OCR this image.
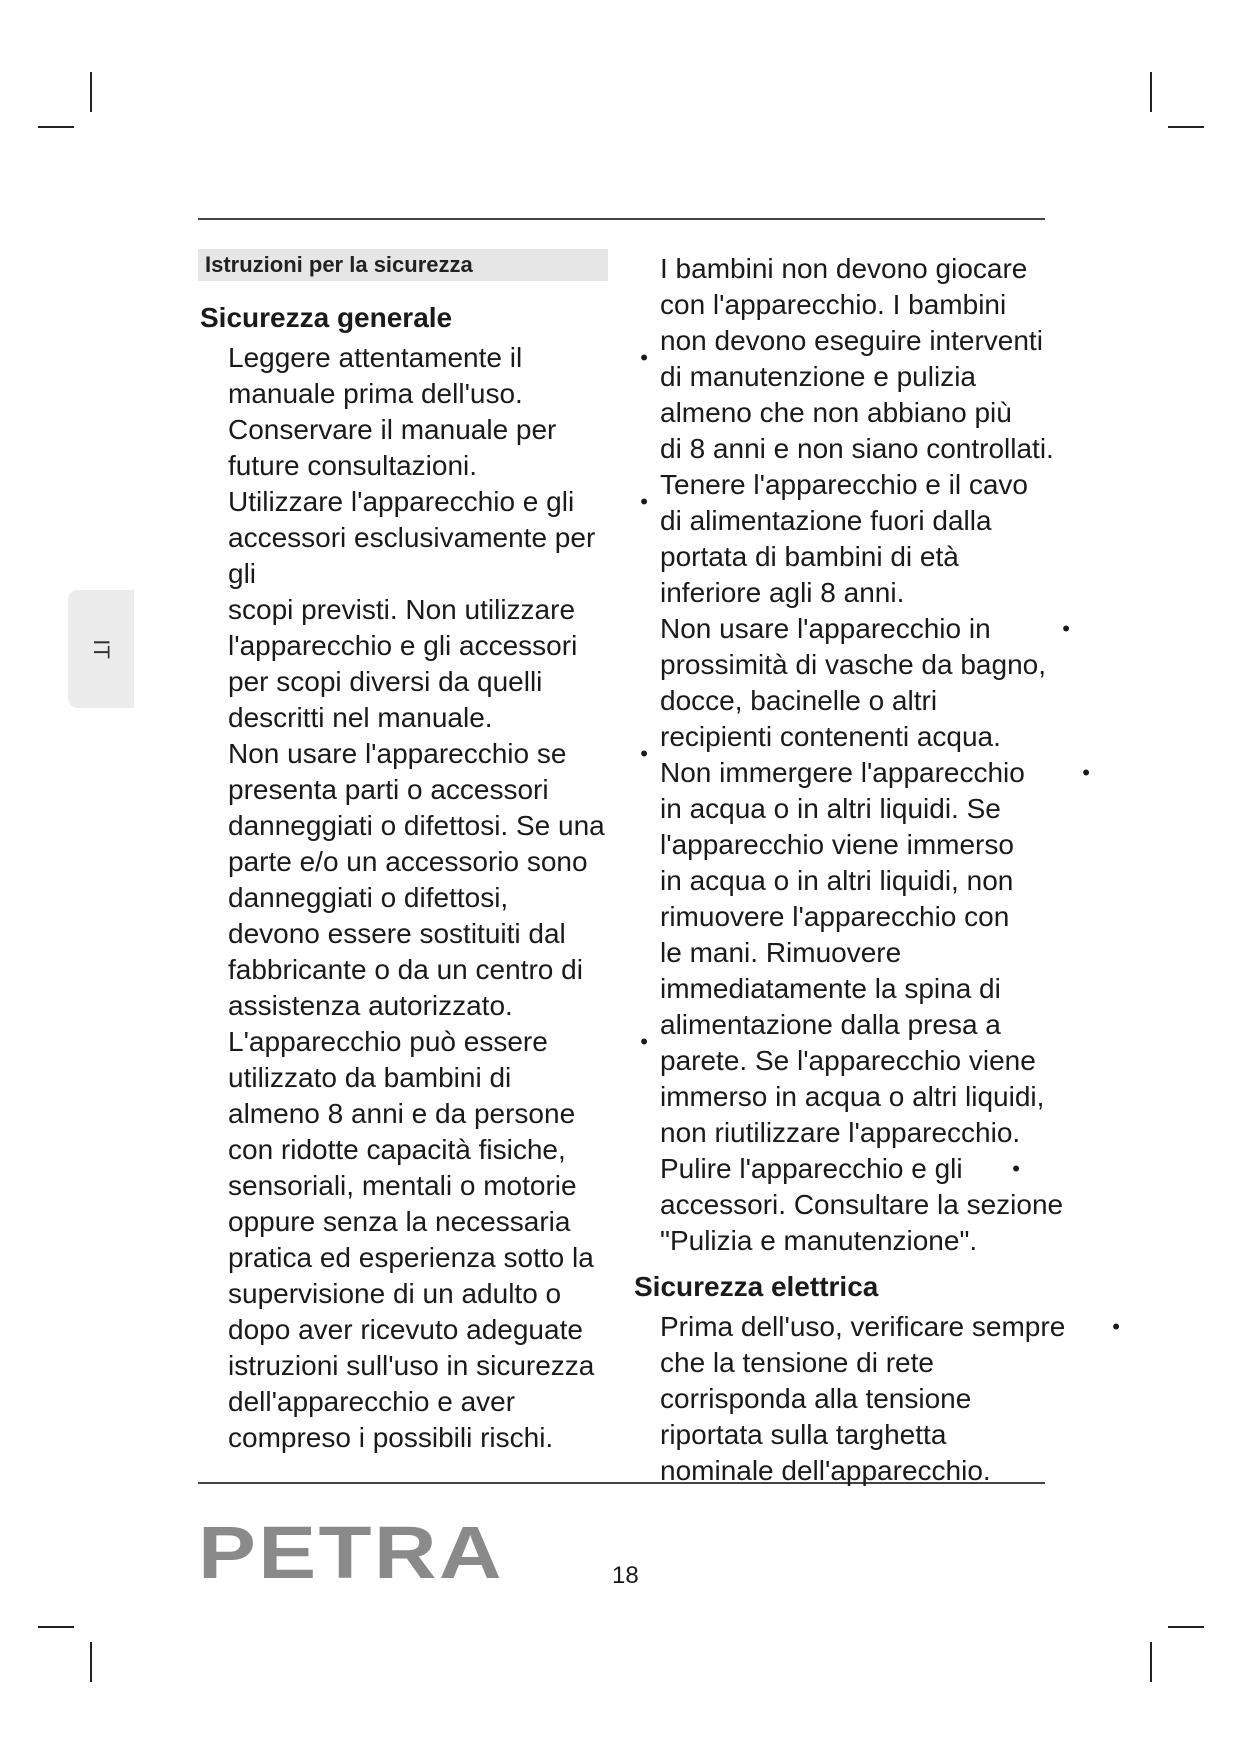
Istruzioni per la sicurezza
IT

Sicurezza generale

Leggere attentamente il
manuale prima dell'uso.
Conservare il manuale per
future consultazioni.
•

Utilizzare l'apparecchio e gli
accessori esclusivamente per gli
scopi previsti. Non utilizzare
l'apparecchio e gli accessori
per scopi diversi da quelli
descritti nel manuale.
•

Non usare l'apparecchio se
presenta parti o accessori
danneggiati o difettosi. Se una
parte e/o un accessorio sono
danneggiati o difettosi,
devono essere sostituiti dal
fabbricante o da un centro di
assistenza autorizzato.
•

L'apparecchio può essere
utilizzato da bambini di
almeno 8 anni e da persone
con ridotte capacità fisiche,
sensoriali, mentali o motorie
oppure senza la necessaria
pratica ed esperienza sotto la
supervisione di un adulto o
dopo aver ricevuto adeguate
istruzioni sull'uso in sicurezza
dell'apparecchio e aver
compreso i possibili rischi.
•

I bambini non devono giocare
con l'apparecchio. I bambini
non devono eseguire interventi
di manutenzione e pulizia
almeno che non abbiano più
di 8 anni e non siano controllati.
Tenere l'apparecchio e il cavo
di alimentazione fuori dalla
portata di bambini di età
inferiore agli 8 anni.

Non usare l'apparecchio in
prossimità di vasche da bagno,
docce, bacinelle o altri
recipienti contenenti acqua.
•

Non immergere l'apparecchio
in acqua o in altri liquidi. Se
l'apparecchio viene immerso
in acqua o in altri liquidi, non
rimuovere l'apparecchio con
le mani. Rimuovere
immediatamente la spina di
alimentazione dalla presa a
parete. Se l'apparecchio viene
immerso in acqua o altri liquidi,
non riutilizzare l'apparecchio.
•

Pulire l'apparecchio e gli
accessori. Consultare la sezione
"Pulizia e manutenzione".
•

Sicurezza elettrica

Prima dell'uso, verificare sempre
che la tensione di rete
corrisponda alla tensione
riportata sulla targhetta
nominale dell'apparecchio.
•

PETRA	18
